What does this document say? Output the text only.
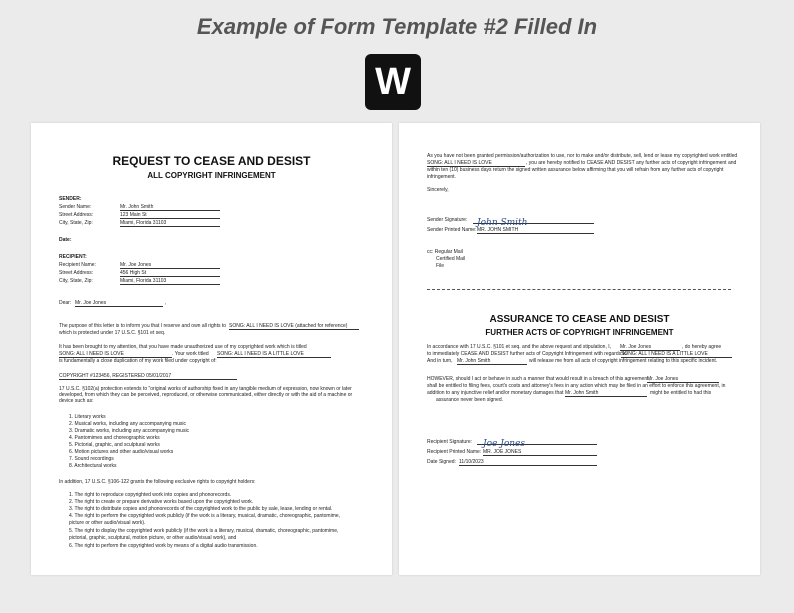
Example of Form Template #2 Filled In
W
REQUEST TO CEASE AND DESIST
ALL COPYRIGHT INFRINGEMENT
SENDER:
Sender Name:	Mr. John Smith
Street Address:	123 Main St
City, State, Zip:	Miami, Florida 31103
Date:
RECIPIENT:
Recipient Name:	Mr. Joe Jones
Street Address:	456 High St
City, State, Zip:	Miami, Florida 31103
Dear: Mr. Joe Jones	,
The purpose of this letter is to inform you that I reserve and own all rights to SONG: ALL I NEED IS LOVE (attached for reference)
which is protected under 17 U.S.C. §101 et seq.
It has been brought to my attention, that you have made unauthorized use of my copyrighted work which is titled
SONG: ALL I NEED IS LOVE	. Your work titled SONG: ALL I NEED IS A LITTLE LOVE
is fundamentally a close duplication of my work filed under copyright of:
COPYRIGHT #123456, REGISTERED 05/01/2017
17 U.S.C. §102(a) protection extends to "original works of authorship fixed in any tangible medium of expression, now known or later developed, from which they can be perceived, reproduced, or otherwise communicated, either directly or with the aid of a machine or device such as:
1. Literary works
2. Musical works, including any accompanying music
3. Dramatic works, including any accompanying music
4. Pantomimes and choreographic works
5. Pictorial, graphic, and sculptural works
6. Motion pictures and other audio/visual works
7. Sound recordings
8. Architectural works
In addition, 17 U.S.C. §106-122 grants the following exclusive rights to copyright holders:
1. The right to reproduce copyrighted work into copies and phonorecords.
2. The right to create or prepare derivative works based upon the copyrighted work.
3. The right to distribute copies and phonorecords of the copyrighted work to the public by sale, lease, lending or rental.
4. The right to perform the copyrighted work publicly (if the work is a literary, musical, dramatic, choreographic, pantomime,
picture or other audio/visual work).
5. The right to display the copyrighted work publicly (if the work is a literary, musical, dramatic, choreographic, pantomime,
pictorial, graphic, sculptural, motion picture, or other audio/visual work), and
6. The right to perform the copyrighted work by means of a digital audio transmission.
As you have not been granted permission/authorization to use, nor to make and/or distribute, sell, lend or lease my copyrighted work entitled
SONG: ALL I NEED IS LOVE	, you are hereby notified to CEASE AND DESIST any further acts of copyright infringement and
within ten (10) business days return the signed written assurance below affirming that you will refrain from any further acts of copyright
infringement.
Sincerely,
Sender Signature:	John Smith
Sender Printed Name: MR. JOHN SMITH
cc: Regular Mail
Certified Mail
File
ASSURANCE TO CEASE AND DESIST
FURTHER ACTS OF COPYRIGHT INFRINGEMENT
In accordance with 17 U.S.C. §101 et seq. and the above request and stipulation, I, Mr. Joe Jones	, do hereby agree
to immediately CEASE AND DESIST further acts of Copyright Infringement with regards to
SONG: ALL I NEED IS A LITTLE LOVE
And in turn, Mr. John Smith	will release me from all acts of copyright infringement relating to this specific incident.
HOWEVER, should I act or behave in such a manner that would result in a breach of this agreement,
Mr. Joe Jones
shall be entitled to filing fees, court's costs and attorney's fees in any action which may be filed in an effort to enforce this agreement, in
addition to any injunctive relief and/or monetary damages that Mr. John Smith	might be entitled to had this
assurance never been signed.
Recipient Signature:	Joe Jones
Recipient Printed Name: MR. JOE JONES
Date Signed: 11/10/2023
